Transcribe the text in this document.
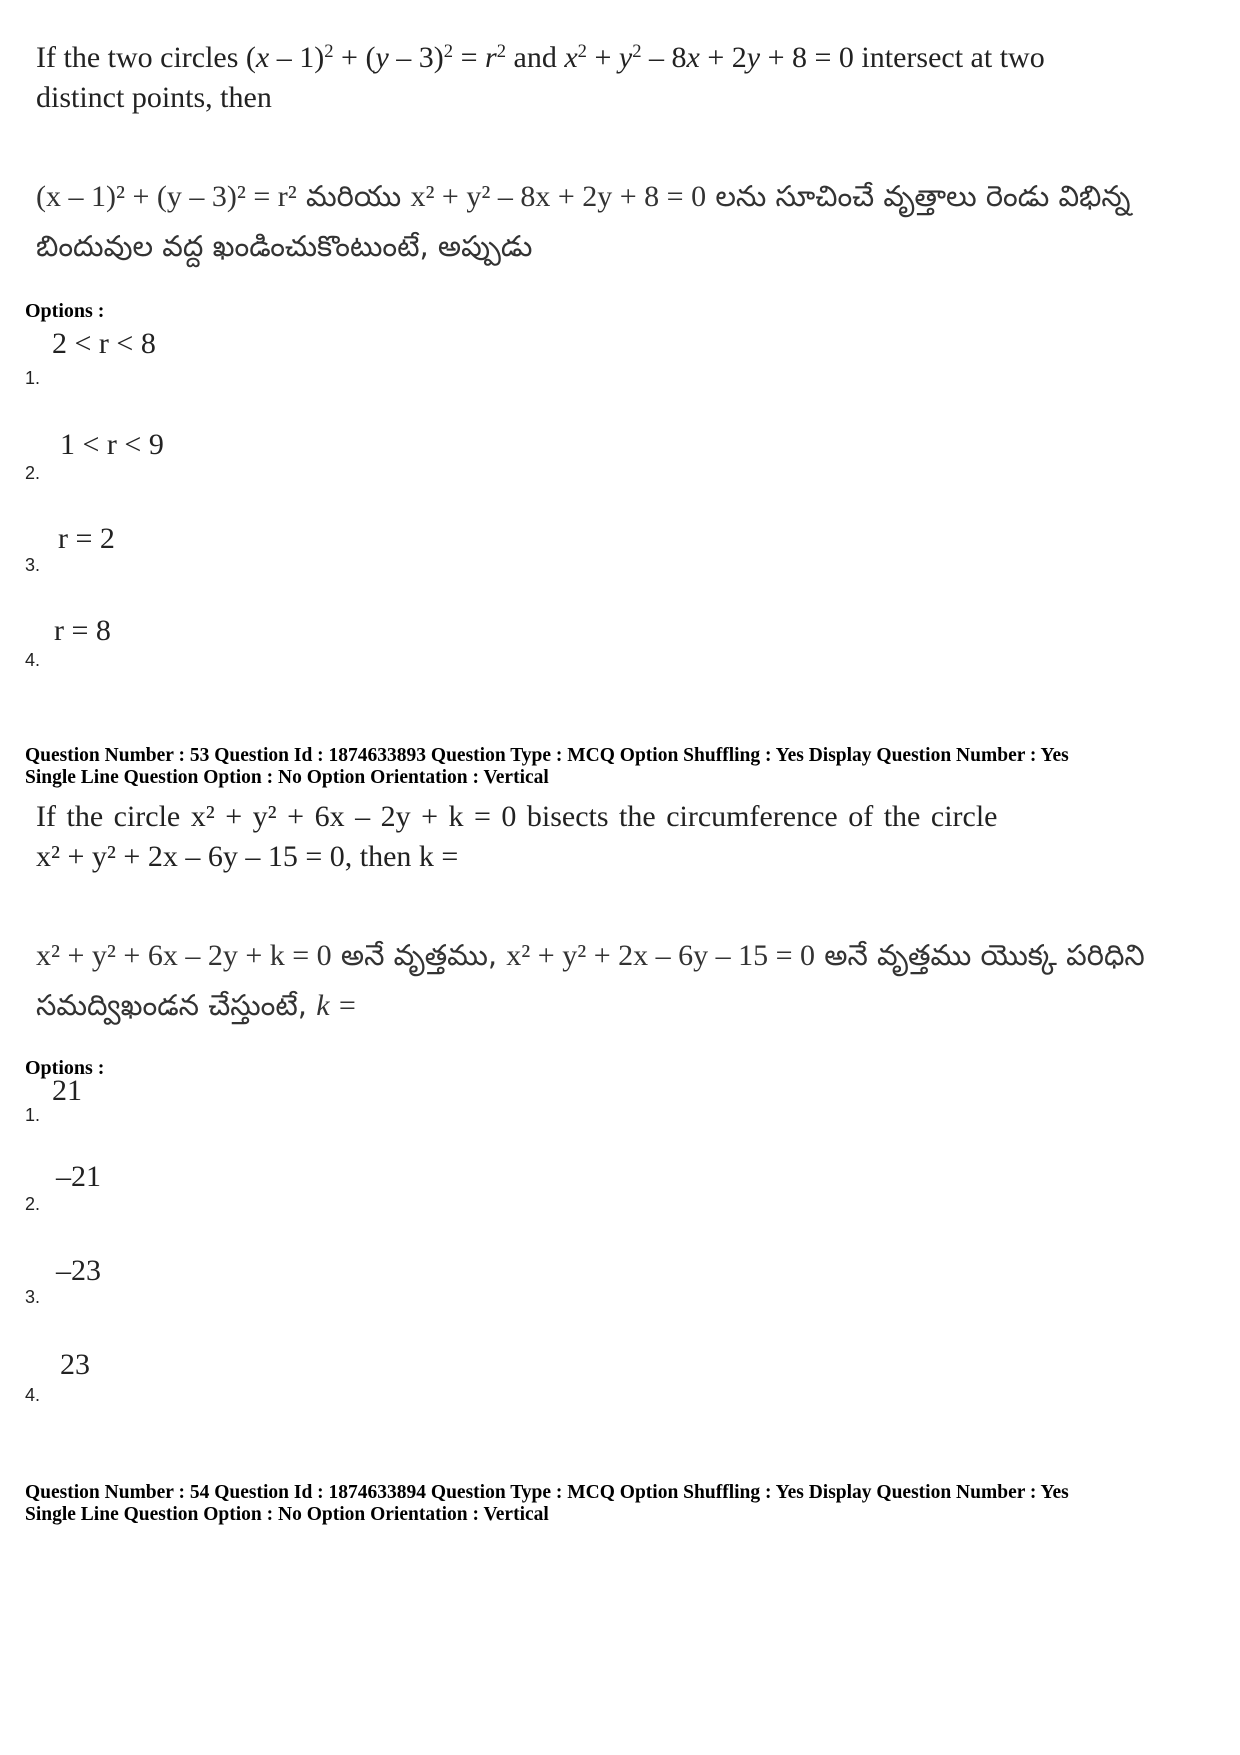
If the two circles $(x - 1)^2 + (y - 3)^2 = r^2$ and $x^2 + y^2 - 8x + 2y + 8 = 0$ intersect at two
distinct points, then
(x – 1)² + (y – 3)² = r² మరియు x² + y² – 8x + 2y + 8 = 0 లను సూచించే వృత్తాలు రెండు విభిన్న
బిందువుల వద్ద ఖండించుకొంటుంటే, అప్పుడు
Options :
1.
2 < r < 8
2.
1 < r < 9
3.
r = 2
4.
r = 8
Question Number : 53 Question Id : 1874633893 Question Type : MCQ Option Shuffling : Yes Display Question Number : Yes
Single Line Question Option : No Option Orientation : Vertical
If the circle x² + y² + 6x – 2y + k = 0 bisects the circumference of the circle
x² + y² + 2x – 6y – 15 = 0, then k =
x² + y² + 6x – 2y + k = 0 అనే వృత్తము, x² + y² + 2x – 6y – 15 = 0 అనే వృత్తము యొక్క పరిధిని
సమద్విఖండన చేస్తుంటే, k =
Options :
1.
21
2.
–21
3.
–23
4.
23
Question Number : 54 Question Id : 1874633894 Question Type : MCQ Option Shuffling : Yes Display Question Number : Yes
Single Line Question Option : No Option Orientation : Vertical
